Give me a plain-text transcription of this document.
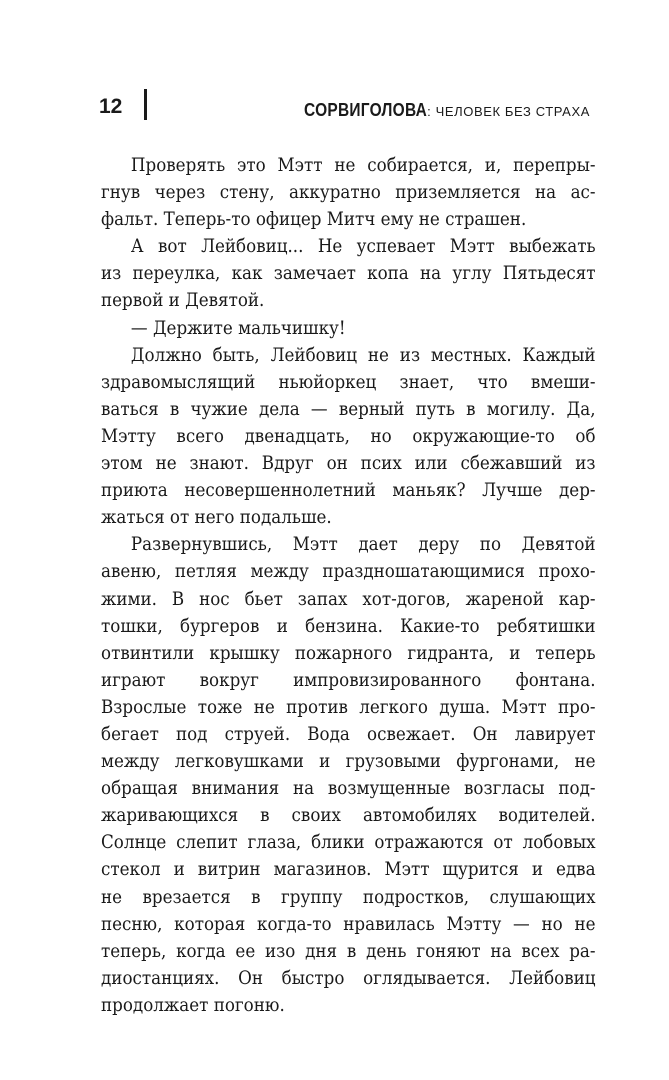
12	СОРВИГОЛОВА: ЧЕЛОВЕК БЕЗ СТРАХА
Проверять это Мэтт не собирается, и, перепры-
гнув через стену, аккуратно приземляется на ас-
фальт. Теперь-то офицер Митч ему не страшен.
А вот Лейбовиц... Не успевает Мэтт выбежать
из переулка, как замечает копа на углу Пятьдесят
первой и Девятой.
— Держите мальчишку!
Должно быть, Лейбовиц не из местных. Каждый
здравомыслящий ньюйоркец знает, что вмеши-
ваться в чужие дела — верный путь в могилу. Да,
Мэтту всего двенадцать, но окружающие-то об
этом не знают. Вдруг он псих или сбежавший из
приюта несовершеннолетний маньяк? Лучше дер-
жаться от него подальше.
Развернувшись, Мэтт дает деру по Девятой
авеню, петляя между праздношатающимися прохо-
жими. В нос бьет запах хот-догов, жареной кар-
тошки, бургеров и бензина. Какие-то ребятишки
отвинтили крышку пожарного гидранта, и теперь
играют вокруг импровизированного фонтана.
Взрослые тоже не против легкого душа. Мэтт про-
бегает под струей. Вода освежает. Он лавирует
между легковушками и грузовыми фургонами, не
обращая внимания на возмущенные возгласы под-
жаривающихся в своих автомобилях водителей.
Солнце слепит глаза, блики отражаются от лобовых
стекол и витрин магазинов. Мэтт щурится и едва
не врезается в группу подростков, слушающих
песню, которая когда-то нравилась Мэтту — но не
теперь, когда ее изо дня в день гоняют на всех ра-
диостанциях. Он быстро оглядывается. Лейбовиц
продолжает погоню.
